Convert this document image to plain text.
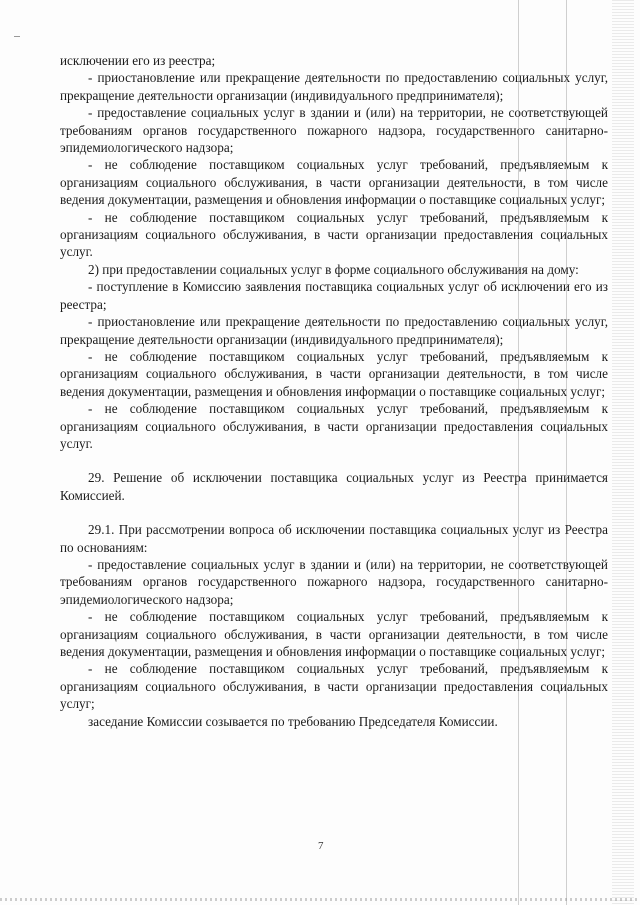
исключении его из реестра;

- приостановление или прекращение деятельности по предоставлению социальных услуг, прекращение деятельности организации (индивидуального предпринимателя);

- предоставление социальных услуг в здании и (или) на территории, не соответствующей требованиям органов государственного пожарного надзора, государственного санитарно-эпидемиологического надзора;

- не соблюдение поставщиком социальных услуг требований, предъявляемым к организациям социального обслуживания, в части организации деятельности, в том числе ведения документации, размещения и обновления информации о поставщике социальных услуг;

- не соблюдение поставщиком социальных услуг требований, предъявляемым к организациям социального обслуживания, в части организации предоставления социальных услуг.

2) при предоставлении социальных услуг в форме социального обслуживания на дому:

- поступление в Комиссию заявления поставщика социальных услуг об исключении его из реестра;

- приостановление или прекращение деятельности по предоставлению социальных услуг, прекращение деятельности организации (индивидуального предпринимателя);

- не соблюдение поставщиком социальных услуг требований, предъявляемым к организациям социального обслуживания, в части организации деятельности, в том числе ведения документации, размещения и обновления информации о поставщике социальных услуг;

- не соблюдение поставщиком социальных услуг требований, предъявляемым к организациям социального обслуживания, в части организации предоставления социальных услуг.

29. Решение об исключении поставщика социальных услуг из Реестра принимается Комиссией.

29.1. При рассмотрении вопроса об исключении поставщика социальных услуг из Реестра по основаниям:

- предоставление социальных услуг в здании и (или) на территории, не соответствующей требованиям органов государственного пожарного надзора, государственного санитарно-эпидемиологического надзора;

- не соблюдение поставщиком социальных услуг требований, предъявляемым к организациям социального обслуживания, в части организации деятельности, в том числе ведения документации, размещения и обновления информации о поставщике социальных услуг;

- не соблюдение поставщиком социальных услуг требований, предъявляемым к организациям социального обслуживания, в части организации предоставления социальных услуг;

заседание Комиссии созывается по требованию Председателя Комиссии.

7
